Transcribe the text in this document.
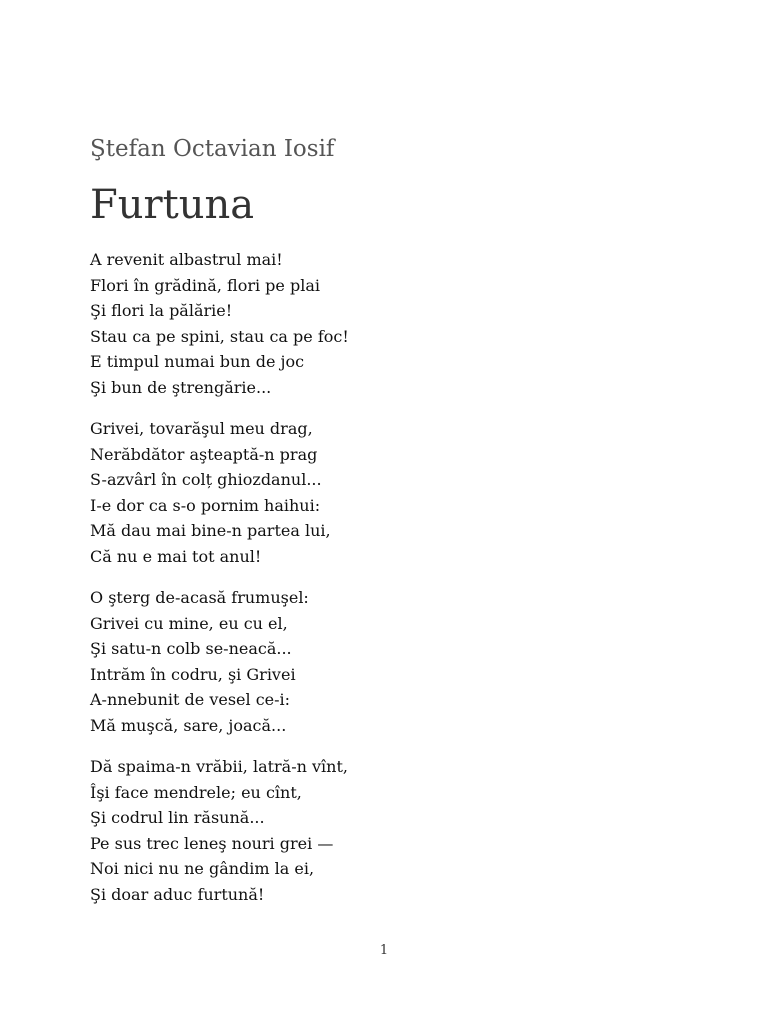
Ştefan Octavian Iosif
Furtuna
A revenit albastrul mai!
Flori în grădină, flori pe plai
Şi flori la pălărie!
Stau ca pe spini, stau ca pe foc!
E timpul numai bun de joc
Şi bun de ştrengărie...
Grivei, tovarăşul meu drag,
Nerăbdător aşteaptă-n prag
S-azvârl în colț ghiozdanul...
I-e dor ca s-o pornim haihui:
Mă dau mai bine-n partea lui,
Că nu e mai tot anul!
O şterg de-acasă frumuşel:
Grivei cu mine, eu cu el,
Şi satu-n colb se-neacă...
Intrăm în codru, şi Grivei
A-nnebunit de vesel ce-i:
Mă muşcă, sare, joacă...
Dă spaima-n vrăbii, latră-n vînt,
Îşi face mendrele; eu cînt,
Şi codrul lin răsună...
Pe sus trec leneş nouri grei —
Noi nici nu ne gândim la ei,
Şi doar aduc furtună!
1
